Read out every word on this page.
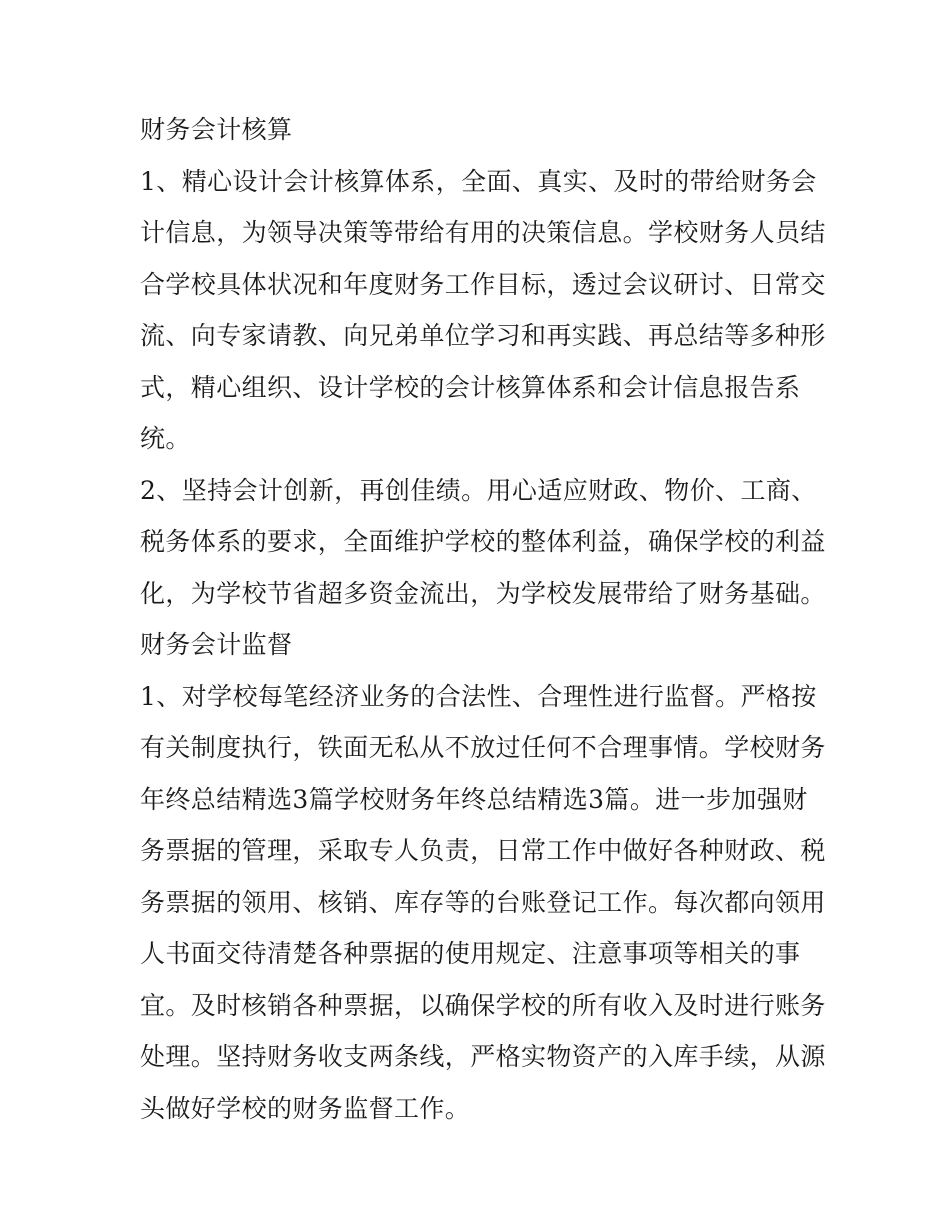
财务会计核算

1、精心设计会计核算体系，全面、真实、及时的带给财务会

计信息，为领导决策等带给有用的决策信息。学校财务人员结

合学校具体状况和年度财务工作目标，透过会议研讨、日常交

流、向专家请教、向兄弟单位学习和再实践、再总结等多种形

式，精心组织、设计学校的会计核算体系和会计信息报告系

统。

2、坚持会计创新，再创佳绩。用心适应财政、物价、工商、

税务体系的要求，全面维护学校的整体利益，确保学校的利益

化，为学校节省超多资金流出，为学校发展带给了财务基础。

财务会计监督

1、对学校每笔经济业务的合法性、合理性进行监督。严格按

有关制度执行，铁面无私从不放过任何不合理事情。学校财务

年终总结精选3篇学校财务年终总结精选3篇。进一步加强财

务票据的管理，采取专人负责，日常工作中做好各种财政、税

务票据的领用、核销、库存等的台账登记工作。每次都向领用

人书面交待清楚各种票据的使用规定、注意事项等相关的事

宜。及时核销各种票据，以确保学校的所有收入及时进行账务

处理。坚持财务收支两条线，严格实物资产的入库手续，从源

头做好学校的财务监督工作。
